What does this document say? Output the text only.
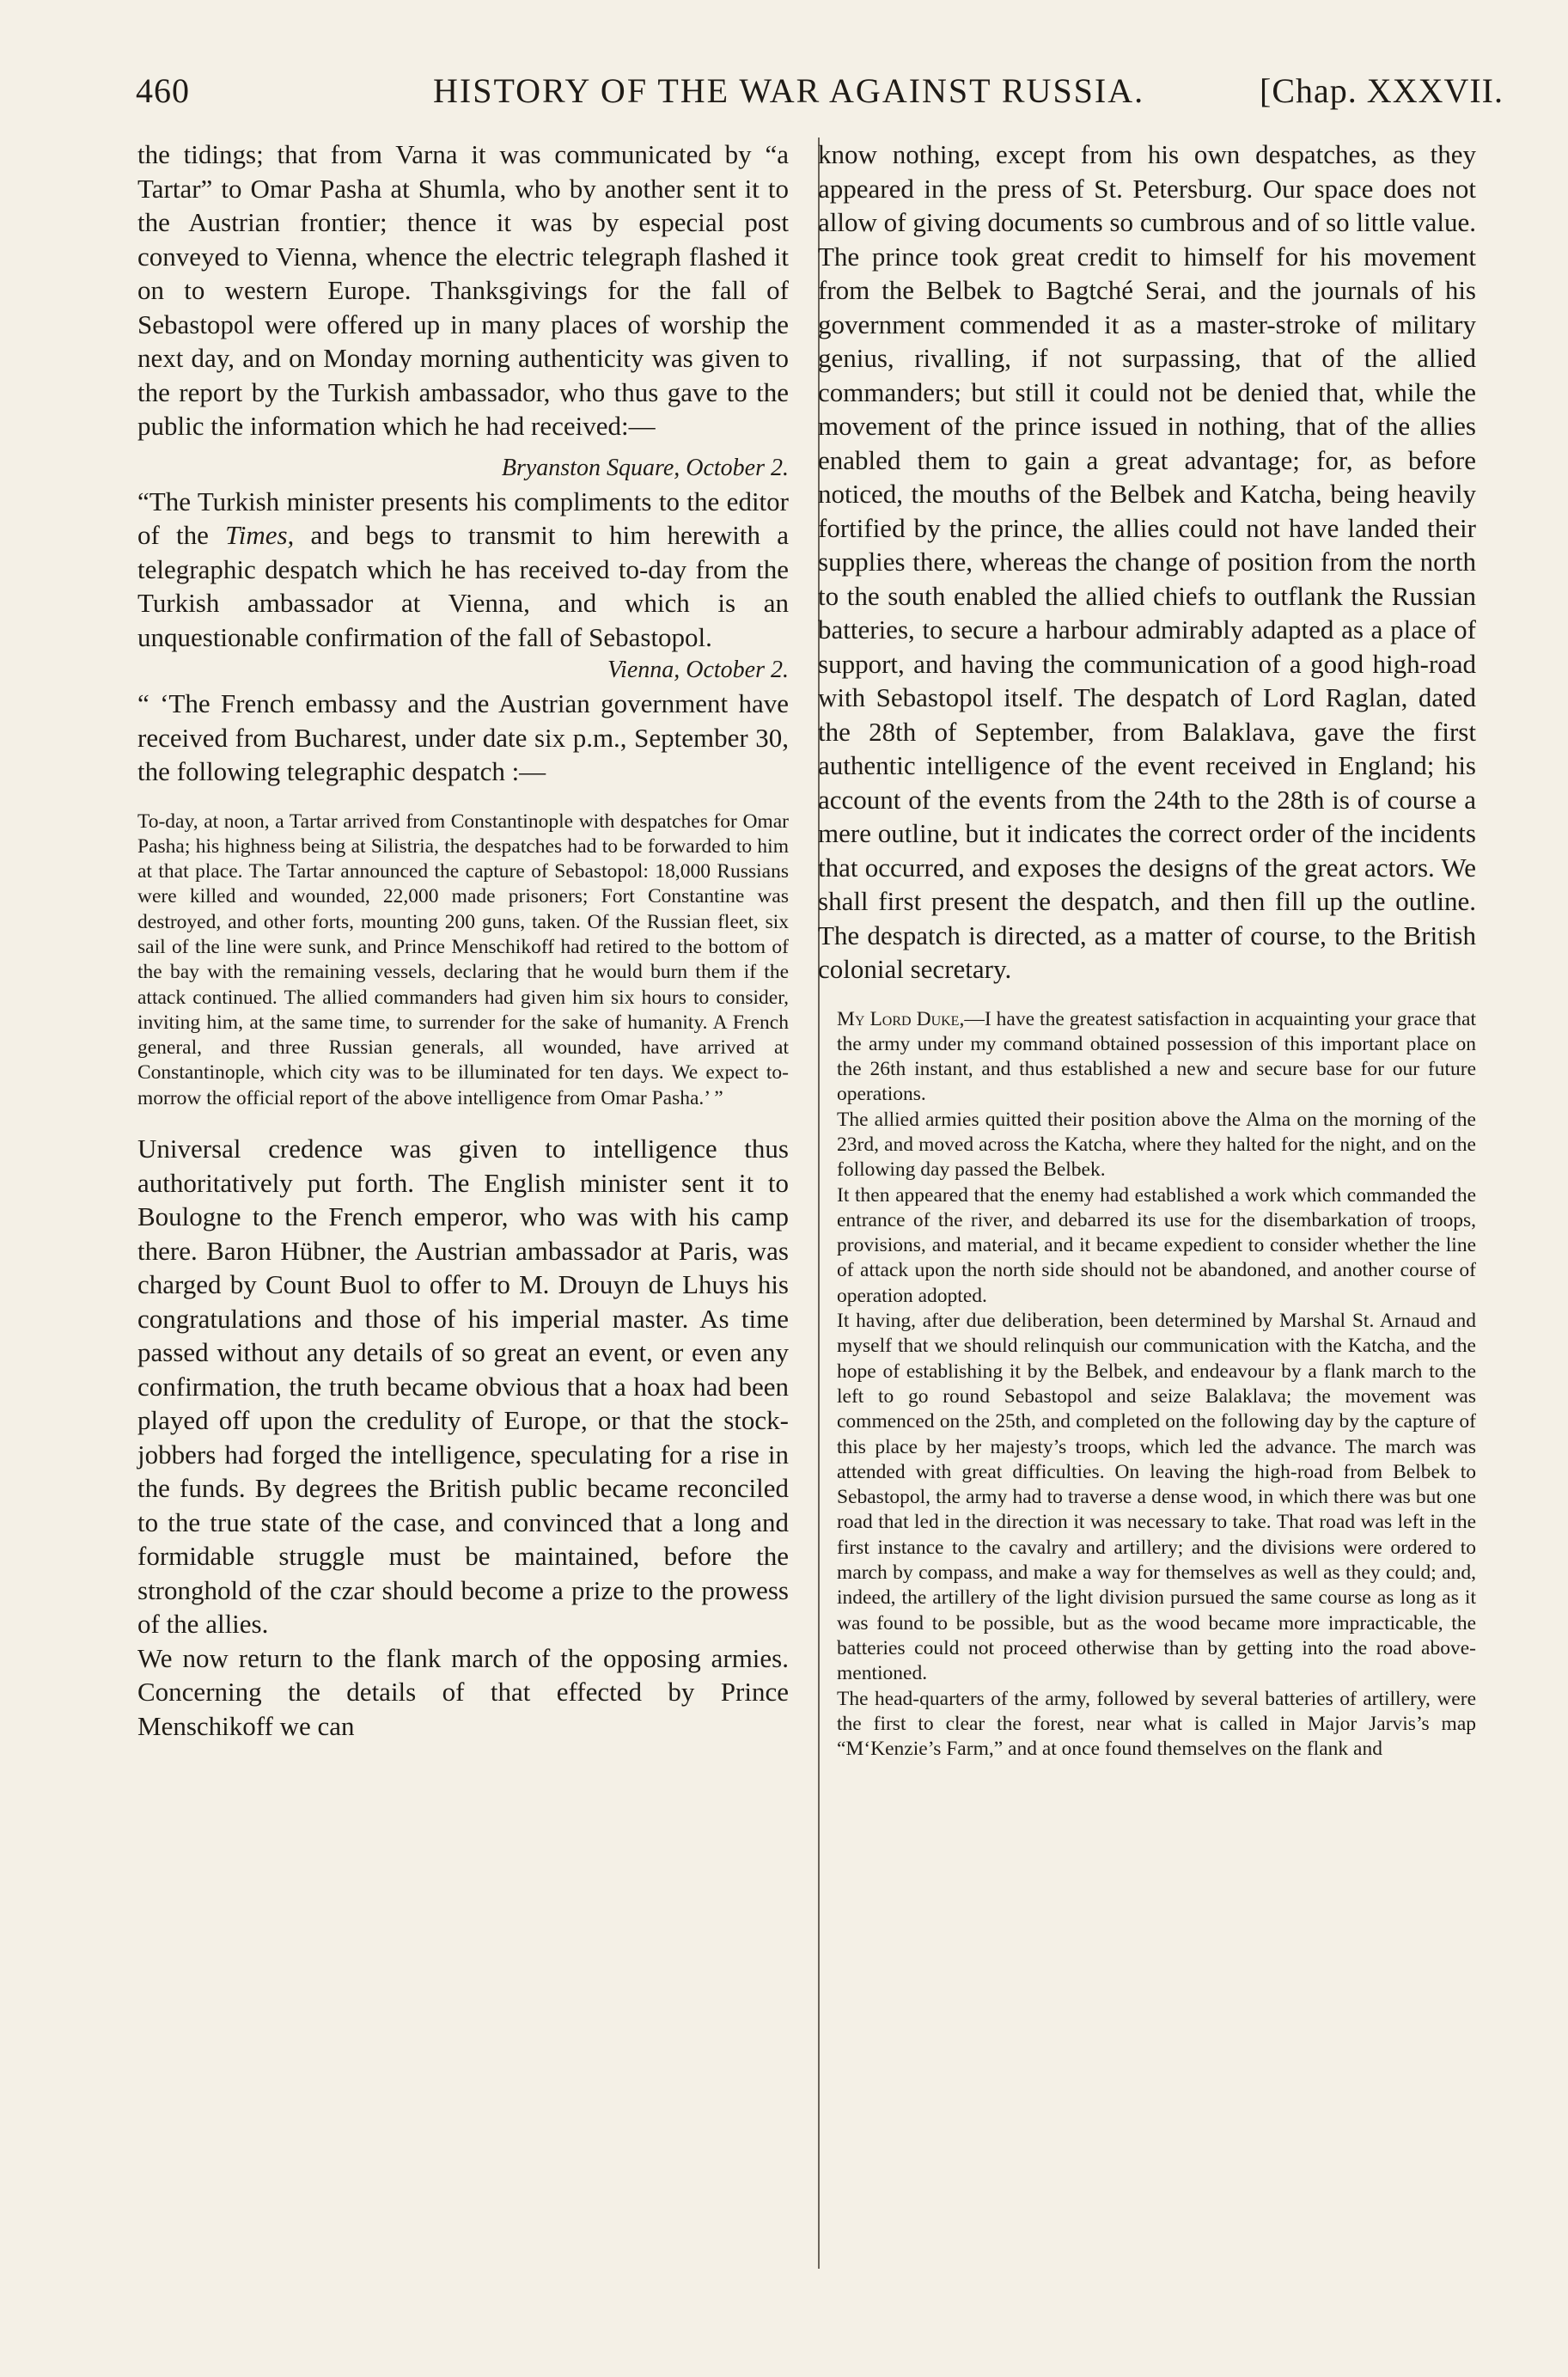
460	HISTORY OF THE WAR AGAINST RUSSIA.	[Chap. XXXVII.

the tidings; that from Varna it was communicated by “a Tartar” to Omar Pasha at Shumla, who by another sent it to the Austrian frontier; thence it was by especial post conveyed to Vienna, whence the electric telegraph flashed it on to western Europe. Thanksgivings for the fall of Sebastopol were offered up in many places of worship the next day, and on Monday morning authenticity was given to the report by the Turkish ambassador, who thus gave to the public the information which he had received:—

Bryanston Square, October 2.

“The Turkish minister presents his compliments to the editor of the Times, and begs to transmit to him herewith a telegraphic despatch which he has received to-day from the Turkish ambassador at Vienna, and which is an unquestionable confirmation of the fall of Sebastopol.

Vienna, October 2.

“ ‘The French embassy and the Austrian government have received from Bucharest, under date six p.m., September 30, the following telegraphic despatch :—

To-day, at noon, a Tartar arrived from Constantinople with despatches for Omar Pasha; his highness being at Silistria, the despatches had to be forwarded to him at that place. The Tartar announced the capture of Sebastopol: 18,000 Russians were killed and wounded, 22,000 made prisoners; Fort Constantine was destroyed, and other forts, mounting 200 guns, taken. Of the Russian fleet, six sail of the line were sunk, and Prince Menschikoff had retired to the bottom of the bay with the remaining vessels, declaring that he would burn them if the attack continued. The allied commanders had given him six hours to consider, inviting him, at the same time, to surrender for the sake of humanity. A French general, and three Russian generals, all wounded, have arrived at Constantinople, which city was to be illuminated for ten days. We expect to-morrow the official report of the above intelligence from Omar Pasha.’ ”

Universal credence was given to intelligence thus authoritatively put forth. The English minister sent it to Boulogne to the French emperor, who was with his camp there. Baron Hübner, the Austrian ambassador at Paris, was charged by Count Buol to offer to M. Drouyn de Lhuys his congratulations and those of his imperial master. As time passed without any details of so great an event, or even any confirmation, the truth became obvious that a hoax had been played off upon the credulity of Europe, or that the stock-jobbers had forged the intelligence, speculating for a rise in the funds. By degrees the British public became reconciled to the true state of the case, and convinced that a long and formidable struggle must be maintained, before the stronghold of the czar should become a prize to the prowess of the allies.

We now return to the flank march of the opposing armies. Concerning the details of that effected by Prince Menschikoff we can

know nothing, except from his own despatches, as they appeared in the press of St. Petersburg. Our space does not allow of giving documents so cumbrous and of so little value. The prince took great credit to himself for his movement from the Belbek to Bagtché Serai, and the journals of his government commended it as a master-stroke of military genius, rivalling, if not surpassing, that of the allied commanders; but still it could not be denied that, while the movement of the prince issued in nothing, that of the allies enabled them to gain a great advantage; for, as before noticed, the mouths of the Belbek and Katcha, being heavily fortified by the prince, the allies could not have landed their supplies there, whereas the change of position from the north to the south enabled the allied chiefs to outflank the Russian batteries, to secure a harbour admirably adapted as a place of support, and having the communication of a good high-road with Sebastopol itself. The despatch of Lord Raglan, dated the 28th of September, from Balaklava, gave the first authentic intelligence of the event received in England; his account of the events from the 24th to the 28th is of course a mere outline, but it indicates the correct order of the incidents that occurred, and exposes the designs of the great actors. We shall first present the despatch, and then fill up the outline. The despatch is directed, as a matter of course, to the British colonial secretary.

My Lord Duke,—I have the greatest satisfaction in acquainting your grace that the army under my command obtained possession of this important place on the 26th instant, and thus established a new and secure base for our future operations.

The allied armies quitted their position above the Alma on the morning of the 23rd, and moved across the Katcha, where they halted for the night, and on the following day passed the Belbek.

It then appeared that the enemy had established a work which commanded the entrance of the river, and debarred its use for the disembarkation of troops, provisions, and material, and it became expedient to consider whether the line of attack upon the north side should not be abandoned, and another course of operation adopted.

It having, after due deliberation, been determined by Marshal St. Arnaud and myself that we should relinquish our communication with the Katcha, and the hope of establishing it by the Belbek, and endeavour by a flank march to the left to go round Sebastopol and seize Balaklava; the movement was commenced on the 25th, and completed on the following day by the capture of this place by her majesty’s troops, which led the advance. The march was attended with great difficulties. On leaving the high-road from Belbek to Sebastopol, the army had to traverse a dense wood, in which there was but one road that led in the direction it was necessary to take. That road was left in the first instance to the cavalry and artillery; and the divisions were ordered to march by compass, and make a way for themselves as well as they could; and, indeed, the artillery of the light division pursued the same course as long as it was found to be possible, but as the wood became more impracticable, the batteries could not proceed otherwise than by getting into the road above-mentioned.

The head-quarters of the army, followed by several batteries of artillery, were the first to clear the forest, near what is called in Major Jarvis’s map “M‘Kenzie’s Farm,” and at once found themselves on the flank and
